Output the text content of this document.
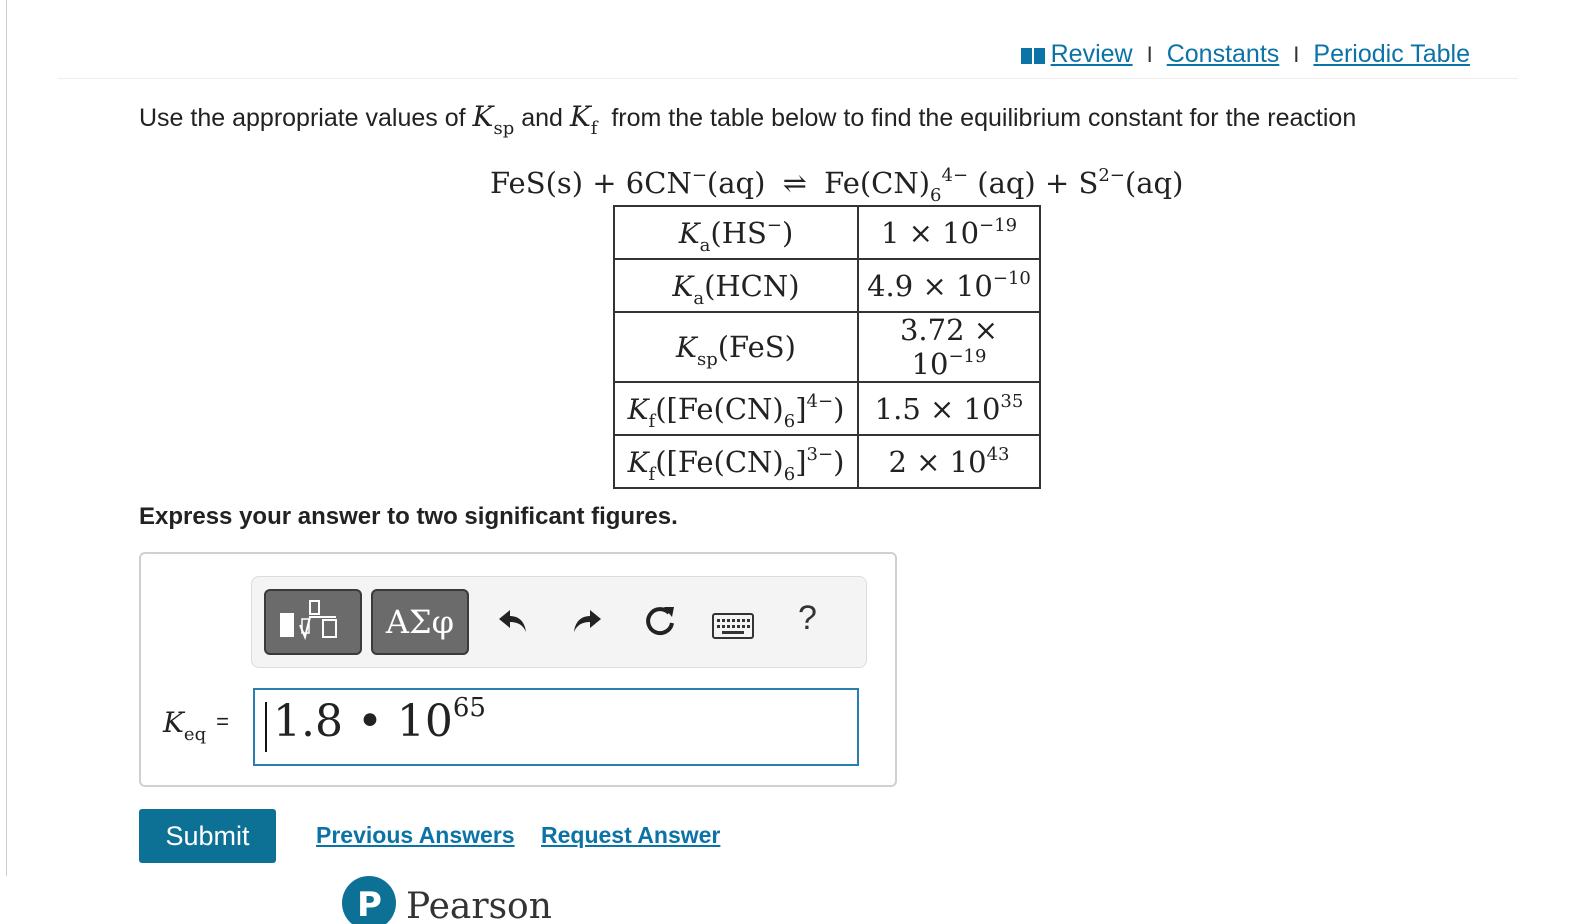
Review I Constants I Periodic Table
Use the appropriate values of $K_{sp}$ and $K_f$ from the table below to find the equilibrium constant for the reaction
FeS(s) + 6CN−(aq) ⇌ $Fe(CN)_6^{4-}$ $(aq) + S^{2-}(aq)$
$K_a(HS^-)$	$1 \times 10^{-19}$
$K_a(HCN)$	$4.9 \times 10^{-10}$
$K_{sp}(FeS)$	$3.72 \times 10^{-19}$
$K_f([Fe(CN)_6]^{4-})$	$1.5 \times 10^{35}$
$K_f([Fe(CN)_6]^{3-})$	$2 \times 10^{43}$
Express your answer to two significant figures.
ΑΣφ	?
$K_{eq}= 1.8$ • $10^{65}$
Submit	Previous Answers Request Answer
P Pearson
